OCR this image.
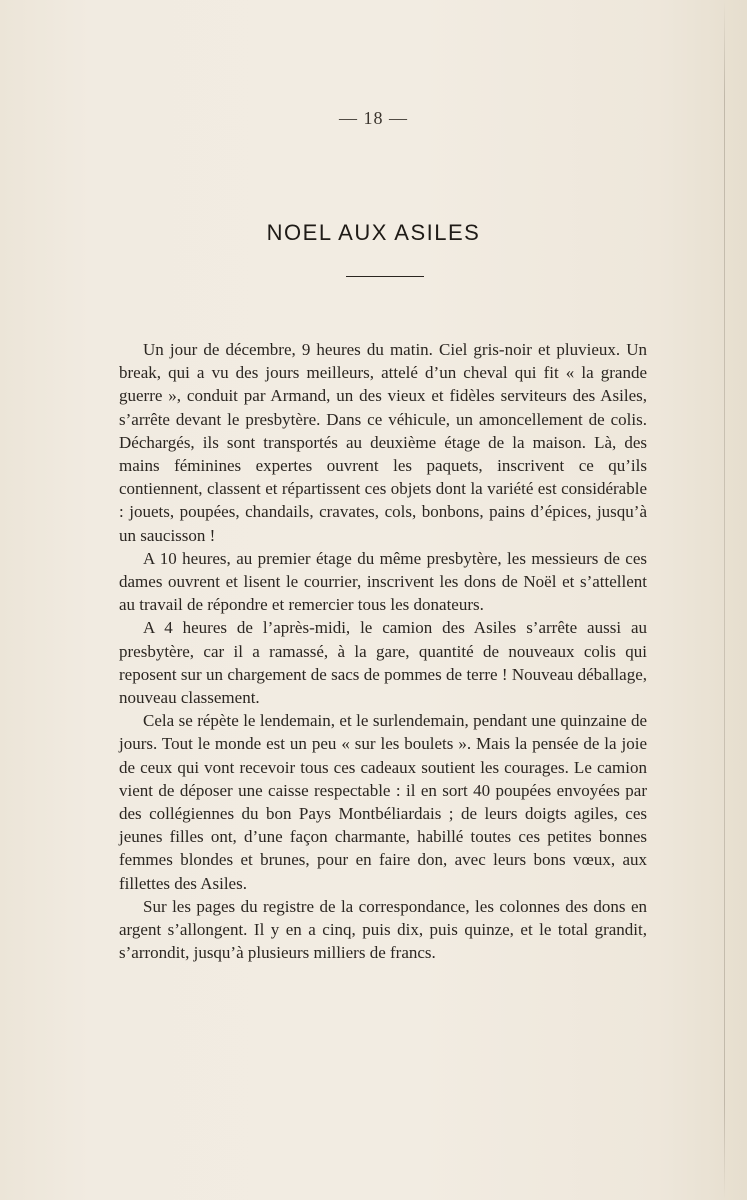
— 18 —
NOEL AUX ASILES

Un jour de décembre, 9 heures du matin. Ciel gris-noir et pluvieux. Un break, qui a vu des jours meilleurs, attelé d’un cheval qui fit « la grande guerre », conduit par Armand, un des vieux et fidèles serviteurs des Asiles, s’arrête devant le presbytère. Dans ce véhicule, un amoncellement de colis. Déchargés, ils sont transportés au deuxième étage de la maison. Là, des mains féminines expertes ouvrent les paquets, inscrivent ce qu’ils contiennent, classent et répartissent ces objets dont la variété est considérable : jouets, poupées, chandails, cravates, cols, bonbons, pains d’épices, jusqu’à un saucisson !

A 10 heures, au premier étage du même presbytère, les messieurs de ces dames ouvrent et lisent le courrier, inscrivent les dons de Noël et s’attellent au travail de répondre et remercier tous les donateurs.

A 4 heures de l’après-midi, le camion des Asiles s’arrête aussi au presbytère, car il a ramassé, à la gare, quantité de nouveaux colis qui reposent sur un chargement de sacs de pommes de terre ! Nouveau déballage, nouveau classement.

Cela se répète le lendemain, et le surlendemain, pendant une quinzaine de jours. Tout le monde est un peu « sur les boulets ». Mais la pensée de la joie de ceux qui vont recevoir tous ces cadeaux soutient les courages. Le camion vient de déposer une caisse respectable : il en sort 40 poupées envoyées par des collégiennes du bon Pays Montbéliardais ; de leurs doigts agiles, ces jeunes filles ont, d’une façon charmante, habillé toutes ces petites bonnes femmes blondes et brunes, pour en faire don, avec leurs bons vœux, aux fillettes des Asiles.

Sur les pages du registre de la correspondance, les colonnes des dons en argent s’allongent. Il y en a cinq, puis dix, puis quinze, et le total grandit, s’arrondit, jusqu’à plusieurs milliers de francs.
